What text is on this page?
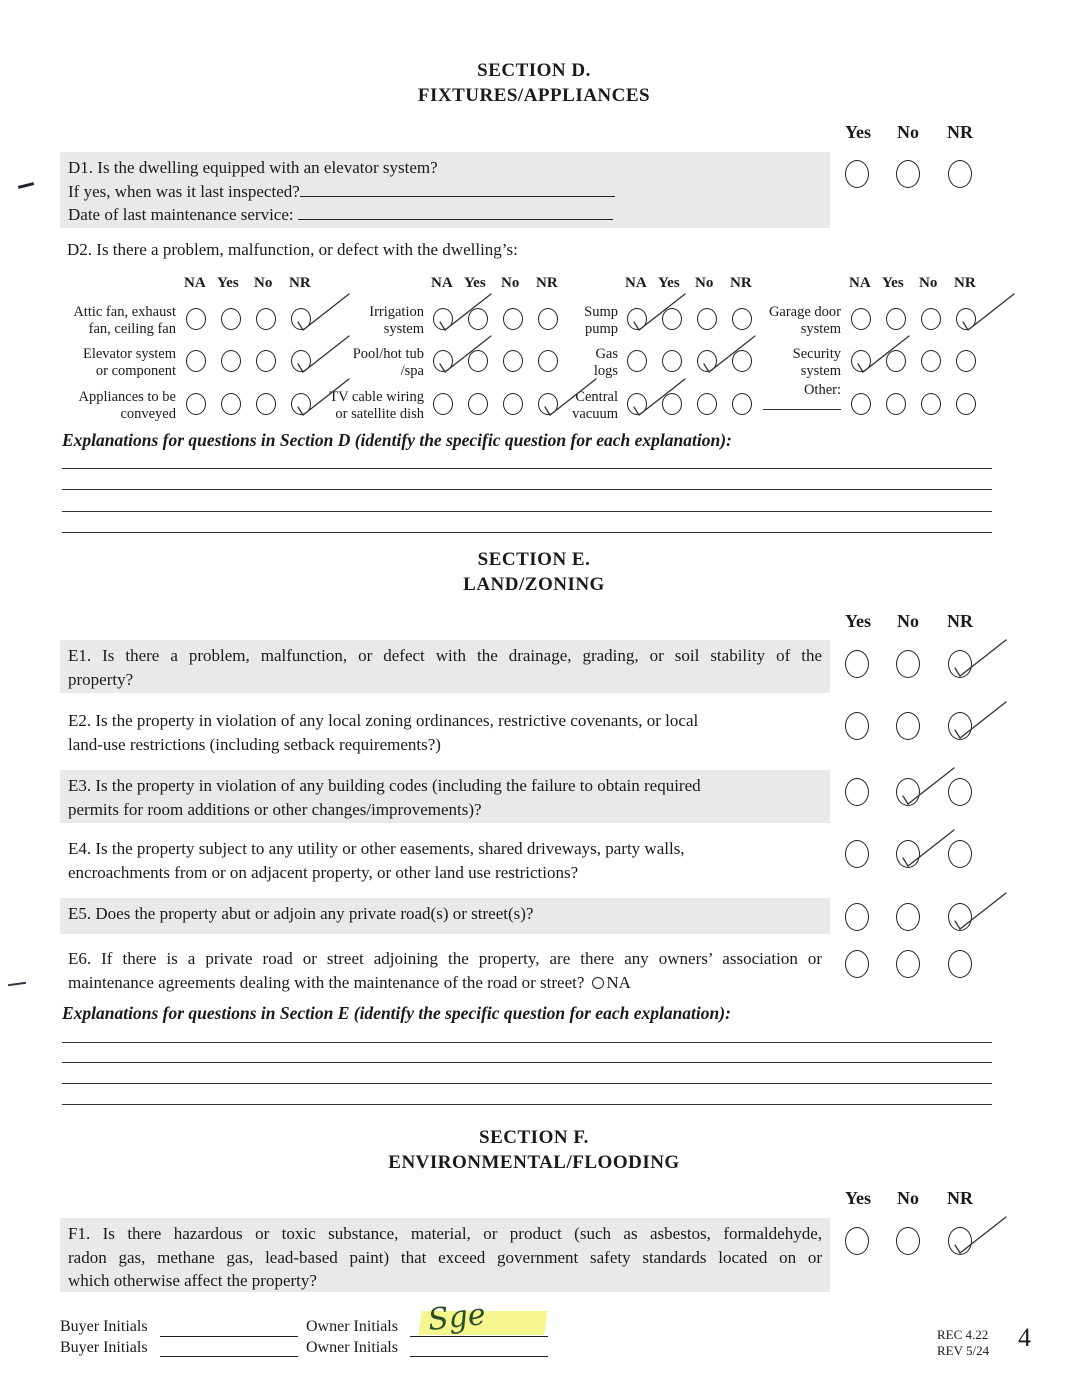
SECTION D.
FIXTURES/APPLIANCES
Yes No NR
D1. Is the dwelling equipped with an elevator system?
If yes, when was it last inspected?
Date of last maintenance service:
D2. Is there a problem, malfunction, or defect with the dwelling’s:
NA Yes No NR
Attic fan, exhaust
fan, ceiling fan
Elevator system
or component
Appliances to be
conveyed
NA Yes No NR
Irrigation
system
Pool/hot tub
/spa
TV cable wiring
or satellite dish
NA Yes No NR
Sump
pump
Gas
logs
Central
vacuum
NA Yes No NR
Garage door
system
Security
system
Other:
Explanations for questions in Section D (identify the specific question for each explanation):
SECTION E.
LAND/ZONING
Yes No NR
E1. Is there a problem, malfunction, or defect with the drainage, grading, or soil stability of the
property?
E2. Is the property in violation of any local zoning ordinances, restrictive covenants, or local
land-use restrictions (including setback requirements?)
E3. Is the property in violation of any building codes (including the failure to obtain required
permits for room additions or other changes/improvements)?
E4. Is the property subject to any utility or other easements, shared driveways, party walls,
encroachments from or on adjacent property, or other land use restrictions?
E5. Does the property abut or adjoin any private road(s) or street(s)?
E6. If there is a private road or street adjoining the property, are there any owners’ association or
maintenance agreements dealing with the maintenance of the road or street? NA
Explanations for questions in Section E (identify the specific question for each explanation):
SECTION F.
ENVIRONMENTAL/FLOODING
Yes No NR
F1. Is there hazardous or toxic substance, material, or product (such as asbestos, formaldehyde,
radon gas, methane gas, lead-based paint) that exceed government safety standards located on or
which otherwise affect the property?
Buyer Initials	Owner Initials Sge
Buyer Initials	Owner Initials
REC 4.22
REV 5/24 4
